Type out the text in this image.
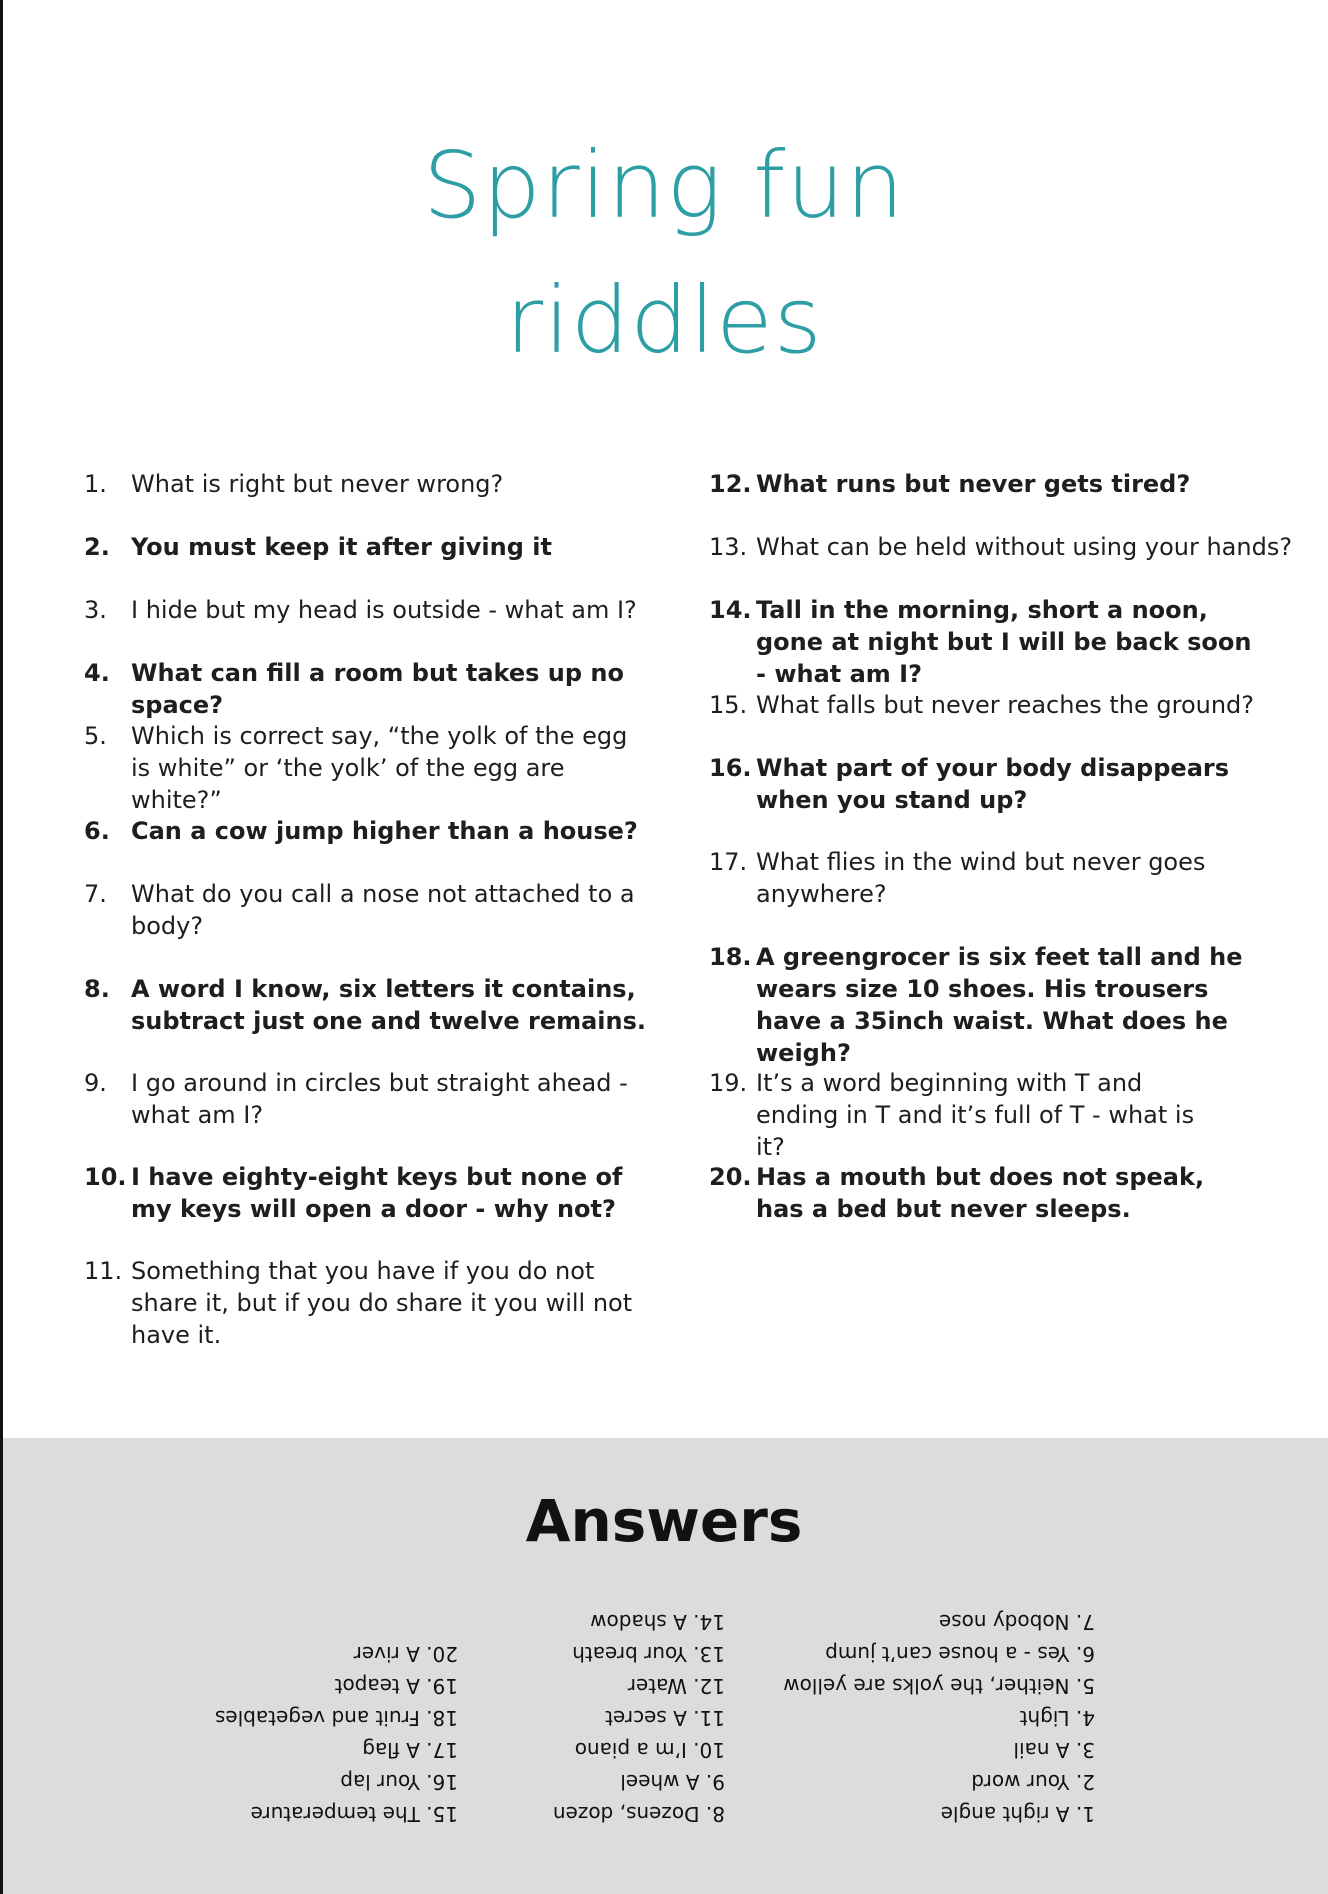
Spring fun
riddles
1.	What is right but never wrong?
2. You must keep it after giving it
3.	I hide but my head is outside - what am I?
4. What can fill a room but takes up no space?
5.	Which is correct say, “the yolk of the egg is white” or ‘the yolk’ of the egg are white?”
6. Can a cow jump higher than a house?
7.	What do you call a nose not attached to a body?
8. A word I know, six letters it contains, subtract just one and twelve remains.
9.	I go around in circles but straight ahead - what am I?
10. I have eighty-eight keys but none of my keys will open a door - why not?
11. Something that you have if you do not share it, but if you do share it you will not have it.
12. What runs but never gets tired?
13. What can be held without using your hands?
14. Tall in the morning, short a noon, gone at night but I will be back soon - what am I?
15. What falls but never reaches the ground?
16. What part of your body disappears when you stand up?
17. What flies in the wind but never goes anywhere?
18. A greengrocer is six feet tall and he wears size 10 shoes. His trousers have a 35inch waist. What does he weigh?
19. It’s a word beginning with T and ending in T and it’s full of T - what is it?
20. Has a mouth but does not speak, has a bed but never sleeps.
Answers
1. A right angle
2. Your word
3. A nail
4. Light
5. Neither, the yolks are yellow
6. Yes - a house can’t jump
7. Nobody nose
8. Dozens, dozen
9. A wheel
10. I’m a piano
11. A secret
12. Water
13. Your breath
14. A shadow
15. The temperature
16. Your lap
17. A flag
18. Fruit and vegetables
19. A teapot
20. A river
